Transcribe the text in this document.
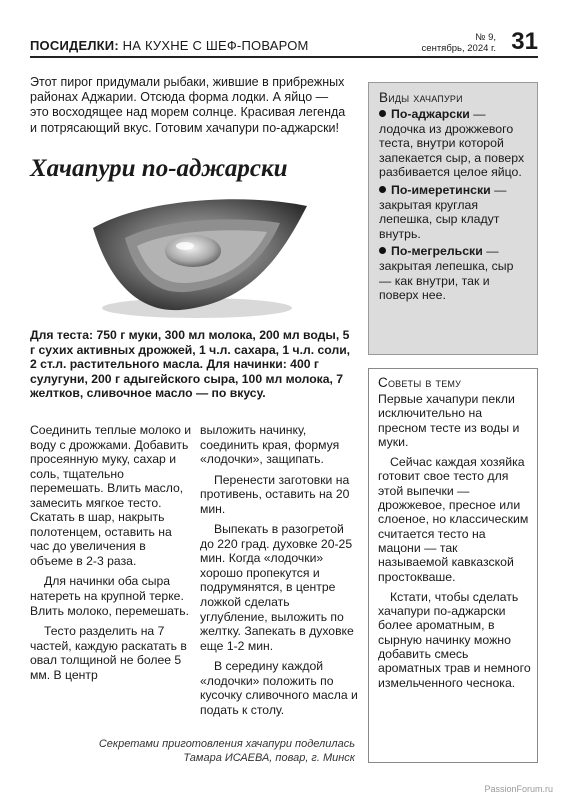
ПОСИДЕЛКИ: НА КУХНЕ С ШЕФ-ПОВАРОМ
№ 9,
сентябрь, 2024 г. 31
Этот пирог придумали рыбаки, жившие в прибрежных районах Аджарии. Отсюда форма лодки. А яйцо — это восходящее над морем солнце. Красивая легенда и потрясающий вкус. Готовим хачапури по-аджарски!
Хачапури по-аджарски
Для теста: 750 г муки, 300 мл молока, 200 мл воды, 5 г сухих активных дрожжей, 1 ч.л. сахара, 1 ч.л. соли, 2 ст.л. растительного масла. Для начинки: 400 г сулугуни, 200 г адыгейского сыра, 100 мл молока, 7 желтков, сливочное масло — по вкусу.

Соединить теплые молоко и воду с дрожжами. Добавить просеянную муку, сахар и соль, тщательно перемешать. Влить масло, замесить мягкое тесто. Скатать в шар, накрыть полотенцем, оставить на час до увеличения в объеме в 2-3 раза.

Для начинки оба сыра натереть на крупной терке. Влить молоко, перемешать.

Тесто разделить на 7 частей, каждую раскатать в овал толщиной не более 5 мм. В центр

выложить начинку, соединить края, формуя «лодочки», защипать.

Перенести заготовки на противень, оставить на 20 мин.

Выпекать в разогретой до 220 град. духовке 20-25 мин. Когда «лодочки» хорошо пропекутся и подрумянятся, в центре ложкой сделать углубление, выложить по желтку. Запекать в духовке еще 1-2 мин.

В середину каждой «лодочки» положить по кусочку сливочного масла и подать к столу.

Секретами приготовления хачапури поделилась
Тамара ИСАЕВА, повар, г. Минск
Виды хачапури
По-аджарски — лодочка из дрожжевого теста, внутри которой запекается сыр, а поверх разбивается целое яйцо.
По-имеретински — закрытая круглая лепешка, сыр кладут внутрь.
По-мегрельски — закрытая лепешка, сыр — как внутри, так и поверх нее.
Советы в тему

Первые хачапури пекли исключительно на пресном тесте из воды и муки.

Сейчас каждая хозяйка готовит свое тесто для этой выпечки — дрожжевое, пресное или слоеное, но классическим считается тесто на мацони — так называемой кавказской простокваше.

Кстати, чтобы сделать хачапури по-аджарски более ароматным, в сырную начинку можно добавить смесь ароматных трав и немного измельченного чеснока.

PassionForum.ru
